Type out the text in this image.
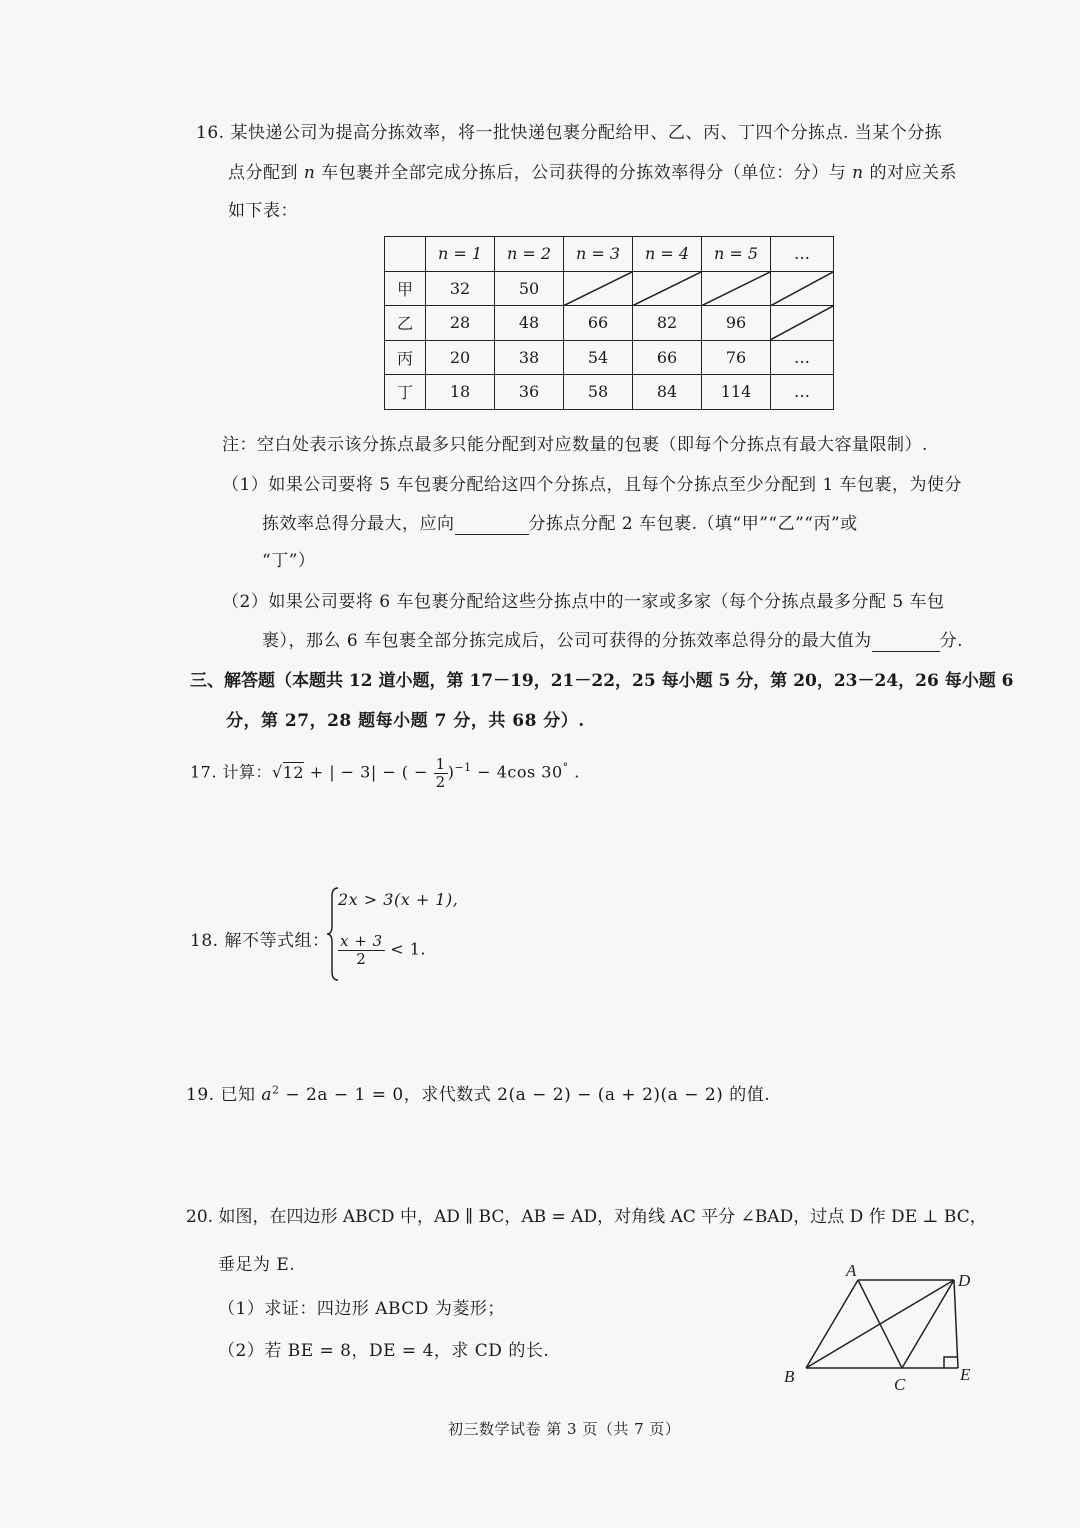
16. 某快递公司为提高分拣效率，将一批快递包裹分配给甲、乙、丙、丁四个分拣点. 当某个分拣
点分配到 n 车包裹并全部完成分拣后，公司获得的分拣效率得分（单位：分）与 n 的对应关系
如下表：
	n = 1	n = 2	n = 3	n = 4	n = 5	…
甲	32	50	

乙	28	48	66	82	96	

丙	20	38	54	66	76	…
丁	18	36	58	84	114	…
注：空白处表示该分拣点最多只能分配到对应数量的包裹（即每个分拣点有最大容量限制）.
（1）如果公司要将 5 车包裹分配给这四个分拣点，且每个分拣点至少分配到 1 车包裹，为使分
拣效率总得分最大，应向	分拣点分配 2 车包裹.（填“甲”“乙”“丙”或
“丁”）
（2）如果公司要将 6 车包裹分配给这些分拣点中的一家或多家（每个分拣点最多分配 5 车包
裹），那么 6 车包裹全部分拣完成后，公司可获得的分拣效率总得分的最大值为	分.
三、解答题（本题共 12 道小题，第 17－19，21－22，25 每小题 5 分，第 20，23－24，26 每小题 6
分，第 27，28 题每小题 7 分，共 68 分）.
17. 计算：√12 + | − 3| − ( − $\frac{1}{2} )^{-1} - 4\cos$ 30° .
18. 解不等式组：
2x > 3(x + 1),
$\frac{x + 3}{2} < 1$.
19. 已知 $a^2 - 2a - 1 = 0$，求代数式 2(a − 2) − (a + 2)(a − 2) 的值.
20. 如图，在四边形 ABCD 中，AD ∥ BC，AB = AD，对角线 AC 平分 ∠BAD，过点 D 作 DE ⊥ BC，
垂足为 E.
（1）求证：四边形 ABCD 为菱形；
（2）若 BE = 8，DE = 4，求 CD 的长.
A
D
B	C
E
初三数学试卷 第 3 页（共 7 页）
